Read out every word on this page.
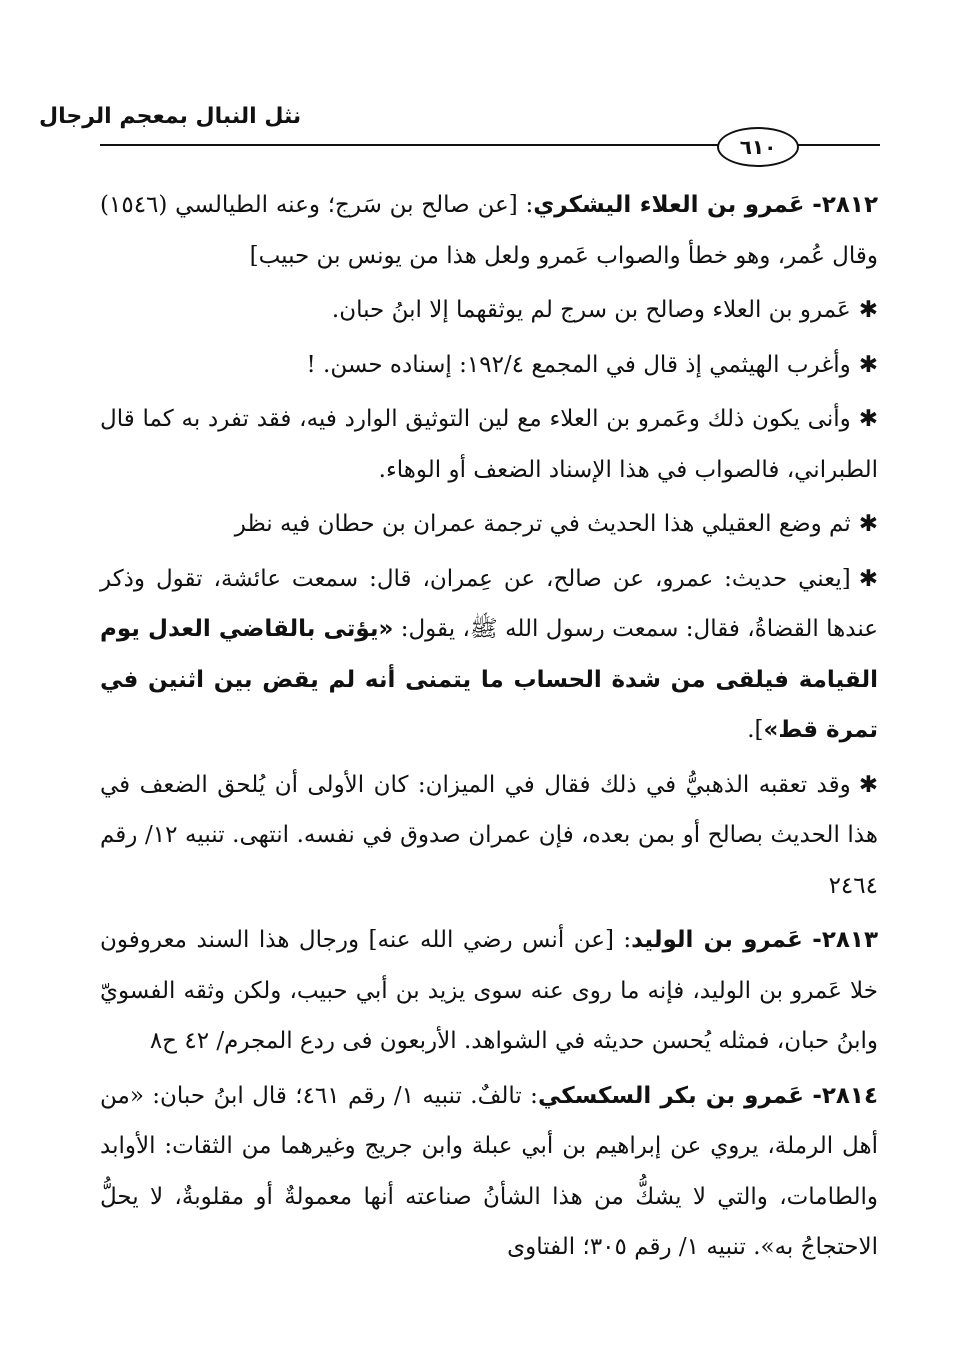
نثل النبال بمعجم الرجال
٦١٠

٢٨١٢- عَمرو بن العلاء اليشكري: [عن صالح بن سَرج؛ وعنه الطيالسي (١٥٤٦) وقال عُمر، وهو خطأ والصواب عَمرو ولعل هذا من يونس بن حبيب]

✱عَمرو بن العلاء وصالح بن سرج لم يوثقهما إلا ابنُ حبان.

✱وأغرب الهيثمي إذ قال في المجمع ١٩٢/٤: إسناده حسن. !

✱وأنى يكون ذلك وعَمرو بن العلاء مع لين التوثيق الوارد فيه، فقد تفرد به كما قال الطبراني، فالصواب في هذا الإسناد الضعف أو الوهاء.

✱ثم وضع العقيلي هذا الحديث في ترجمة عمران بن حطان فيه نظر

✱[يعني حديث: عمرو، عن صالح، عن عِمران، قال: سمعت عائشة، تقول وذكر عندها القضاةُ، فقال: سمعت رسول الله ﷺ، يقول: «يؤتى بالقاضي العدل يوم القيامة فيلقى من شدة الحساب ما يتمنى أنه لم يقض بين اثنين في تمرة قط»].

✱وقد تعقبه الذهبيُّ في ذلك فقال في الميزان: كان الأولى أن يُلحق الضعف في هذا الحديث بصالح أو بمن بعده، فإن عمران صدوق في نفسه. انتهى. تنبيه ١٢/ رقم ٢٤٦٤

٢٨١٣- عَمرو بن الوليد: [عن أنس رضي الله عنه] ورجال هذا السند معروفون خلا عَمرو بن الوليد، فإنه ما روى عنه سوى يزيد بن أبي حبيب، ولكن وثقه الفسويّ وابنُ حبان، فمثله يُحسن حديثه في الشواهد. الأربعون فى ردع المجرم/ ٤٢ ح٨

٢٨١٤- عَمرو بن بكر السكسكي: تالفٌ. تنبيه ١/ رقم ٤٦١؛ قال ابنُ حبان: «من أهل الرملة، يروي عن إبراهيم بن أبي عبلة وابن جريج وغيرهما من الثقات: الأوابد والطامات، والتي لا يشكُّ من هذا الشأنُ صناعته أنها معمولةٌ أو مقلوبةٌ، لا يحلُّ الاحتجاجُ به». تنبيه ١/ رقم ٣٠٥؛ الفتاوى
